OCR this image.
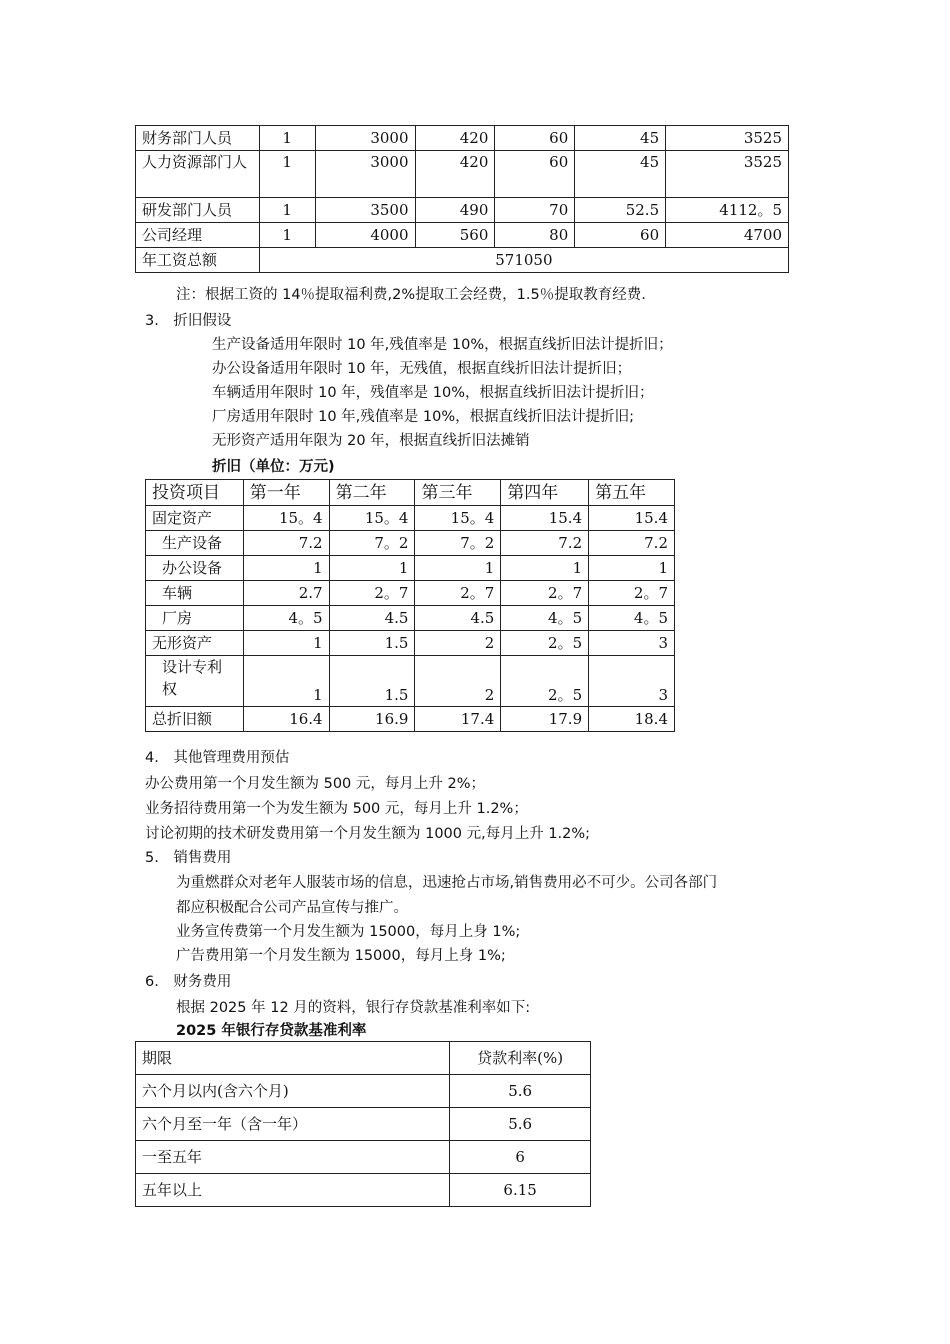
财务部门人员	1	3000	420	60	45	3525
人力资源部门人	1	3000	420	60	45	3525
研发部门人员	1	3500	490	70	52.5	4112。5
公司经理	1	4000	560	80	60	4700
年工资总额	571050					
注：根据工资的 14％提取福利费,2%提取工会经费，1.5％提取教育经费.
3.　折旧假设
生产设备适用年限时 10 年,残值率是 10%，根据直线折旧法计提折旧；
办公设备适用年限时 10 年，无残值，根据直线折旧法计提折旧；
车辆适用年限时 10 年，残值率是 10%，根据直线折旧法计提折旧；
厂房适用年限时 10 年,残值率是 10%，根据直线折旧法计提折旧;
无形资产适用年限为 20 年，根据直线折旧法摊销
折旧（单位：万元)
投资项目	第一年	第二年	第三年	第四年	第五年
固定资产	15。4	15。4	15。4	15.4	15.4
生产设备	7.2	7。2	7。2	7.2	7.2
办公设备	1	1	1	1	1
车辆	2.7	2。7	2。7	2。7	2。7
厂房	4。5	4.5	4.5	4。5	4。5
无形资产	1	1.5	2	2。5	3
设计专利权	1	1.5	2	2。5	3
总折旧额	16.4	16.9	17.4	17.9	18.4
4.　其他管理费用预估
办公费用第一个月发生额为 500 元，每月上升 2%；
业务招待费用第一个为发生额为 500 元，每月上升 1.2%；
讨论初期的技术研发费用第一个月发生额为 1000 元,每月上升 1.2%;
5.　销售费用
为重燃群众对老年人服装市场的信息，迅速抢占市场,销售费用必不可少。公司各部门
都应积极配合公司产品宣传与推广。
业务宣传费第一个月发生额为 15000，每月上身 1%;
广告费用第一个月发生额为 15000，每月上身 1%;
6.　财务费用
根据 2025 年 12 月的资料，银行存贷款基准利率如下:
2025 年银行存贷款基准利率
期限	贷款利率(%)
六个月以内(含六个月)	5.6
六个月至一年（含一年）	5.6
一至五年	6
五年以上	6.15
